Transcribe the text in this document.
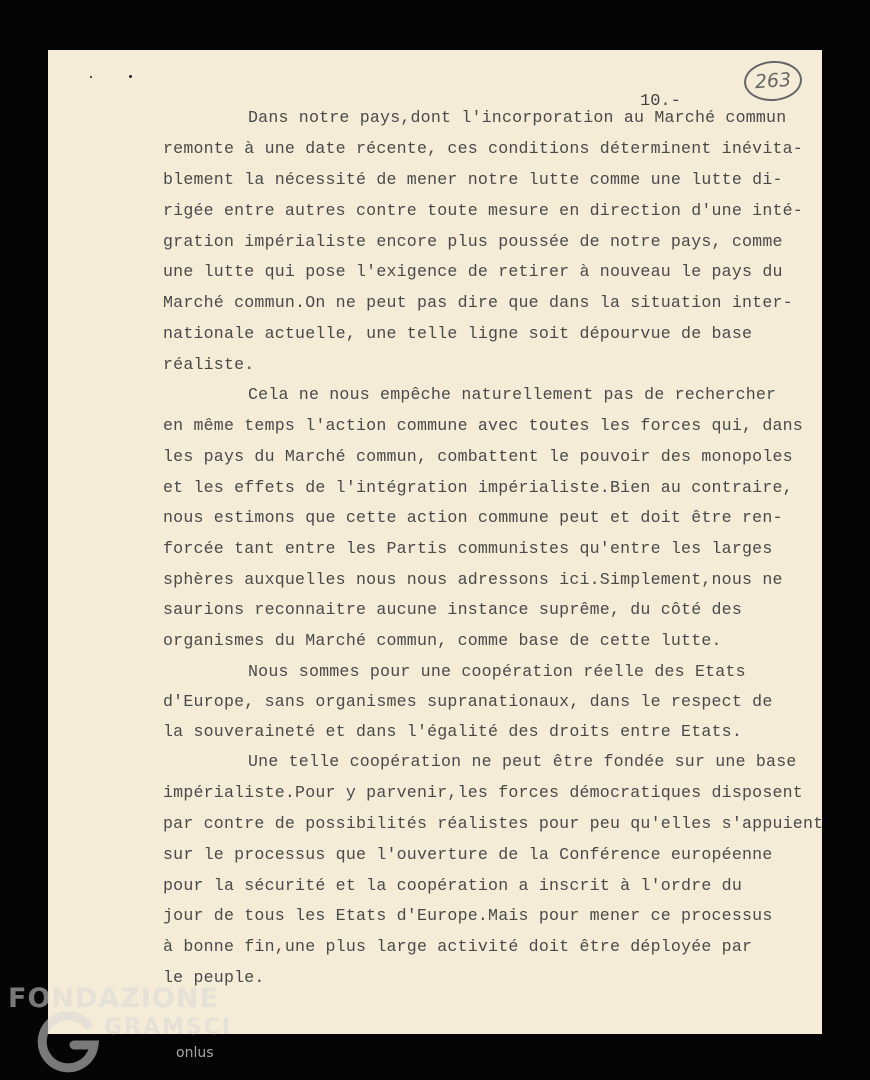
10.-
263
Dans notre pays,dont l'incorporation au Marché commun
remonte à une date récente, ces conditions déterminent inévita-
blement la nécessité de mener notre lutte comme une lutte di-
rigée entre autres contre toute mesure en direction d'une inté-
gration impérialiste encore plus poussée de notre pays, comme
une lutte qui pose l'exigence de retirer à nouveau le pays du
Marché commun.On ne peut pas dire que dans la situation inter-
nationale actuelle, une telle ligne soit dépourvue de base
réaliste.
Cela ne nous empêche naturellement pas de rechercher
en même temps l'action commune avec toutes les forces qui, dans
les pays du Marché commun, combattent le pouvoir des monopoles
et les effets de l'intégration impérialiste.Bien au contraire,
nous estimons que cette action commune peut et doit être ren-
forcée tant entre les Partis communistes qu'entre les larges
sphères auxquelles nous nous adressons ici.Simplement,nous ne
saurions reconnaitre aucune instance suprême, du côté des
organismes du Marché commun, comme base de cette lutte.
Nous sommes pour une coopération réelle des Etats
d'Europe, sans organismes supranationaux, dans le respect de
la souveraineté et dans l'égalité des droits entre Etats.
Une telle coopération ne peut être fondée sur une base
impérialiste.Pour y parvenir,les forces démocratiques disposent
par contre de possibilités réalistes pour peu qu'elles s'appuient
sur le processus que l'ouverture de la Conférence européenne
pour la sécurité et la coopération a inscrit à l'ordre du
jour de tous les Etats d'Europe.Mais pour mener ce processus
à bonne fin,une plus large activité doit être déployée par
le peuple.
FONDAZIONE
GRAMSCI
onlus
